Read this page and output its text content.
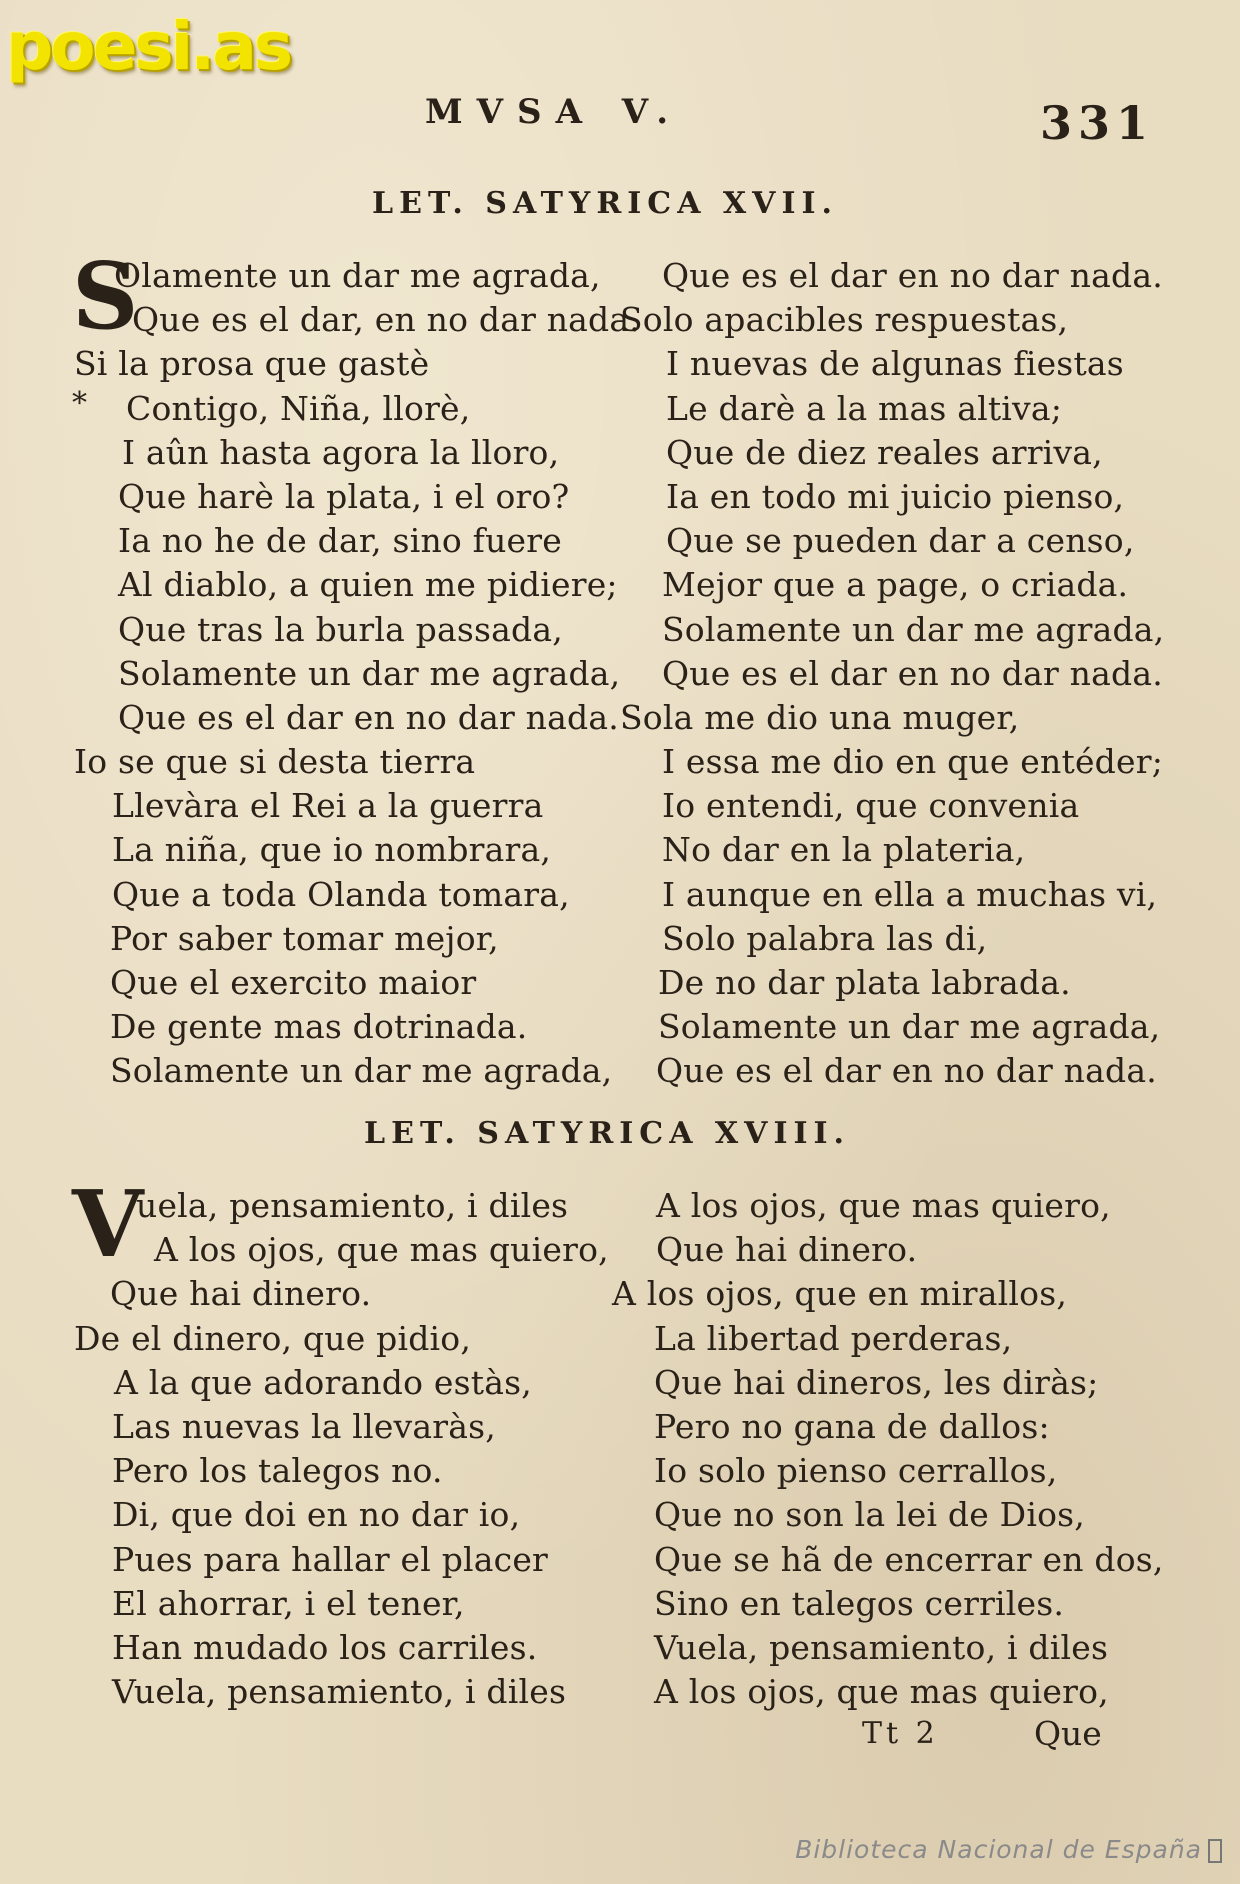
poesi.as
MVSA V.	331
LET. SATYRICA XVII.
S
*
Olamente un dar me agrada,
Que es el dar, en no dar nada.
Si la prosa que gastè
Contigo, Niña, llorè,
I aûn hasta agora la lloro,
Que harè la plata, i el oro?
Ia no he de dar, sino fuere
Al diablo, a quien me pidiere;
Que tras la burla passada,
Solamente un dar me agrada,
Que es el dar en no dar nada.
Io se que si desta tierra
Llevàra el Rei a la guerra
La niña, que io nombrara,
Que a toda Olanda tomara,
Por saber tomar mejor,
Que el exercito maior
De gente mas dotrinada.
Solamente un dar me agrada,
Que es el dar en no dar nada.
Solo apacibles respuestas,
I nuevas de algunas fiestas
Le darè a la mas altiva;
Que de diez reales arriva,
Ia en todo mi juicio pienso,
Que se pueden dar a censo,
Mejor que a page, o criada.
Solamente un dar me agrada,
Que es el dar en no dar nada.
Sola me dio una muger,
I essa me dio en que entéder;
Io entendi, que convenia
No dar en la plateria,
I aunque en ella a muchas vi,
Solo palabra las di,
De no dar plata labrada.
Solamente un dar me agrada,
Que es el dar en no dar nada.
LET. SATYRICA XVIII.
V
uela, pensamiento, i diles
A los ojos, que mas quiero,
Que hai dinero.
De el dinero, que pidio,
A la que adorando estàs,
Las nuevas la llevaràs,
Pero los talegos no.
Di, que doi en no dar io,
Pues para hallar el placer
El ahorrar, i el tener,
Han mudado los carriles.
Vuela, pensamiento, i diles
A los ojos, que mas quiero,
Que hai dinero.
A los ojos, que en mirallos,
La libertad perderas,
Que hai dineros, les diràs;
Pero no gana de dallos:
Io solo pienso cerrallos,
Que no son la lei de Dios,
Que se hã de encerrar en dos,
Sino en talegos cerriles.
Vuela, pensamiento, i diles
A los ojos, que mas quiero,
Tt 2	Que
Biblioteca Nacional de España
